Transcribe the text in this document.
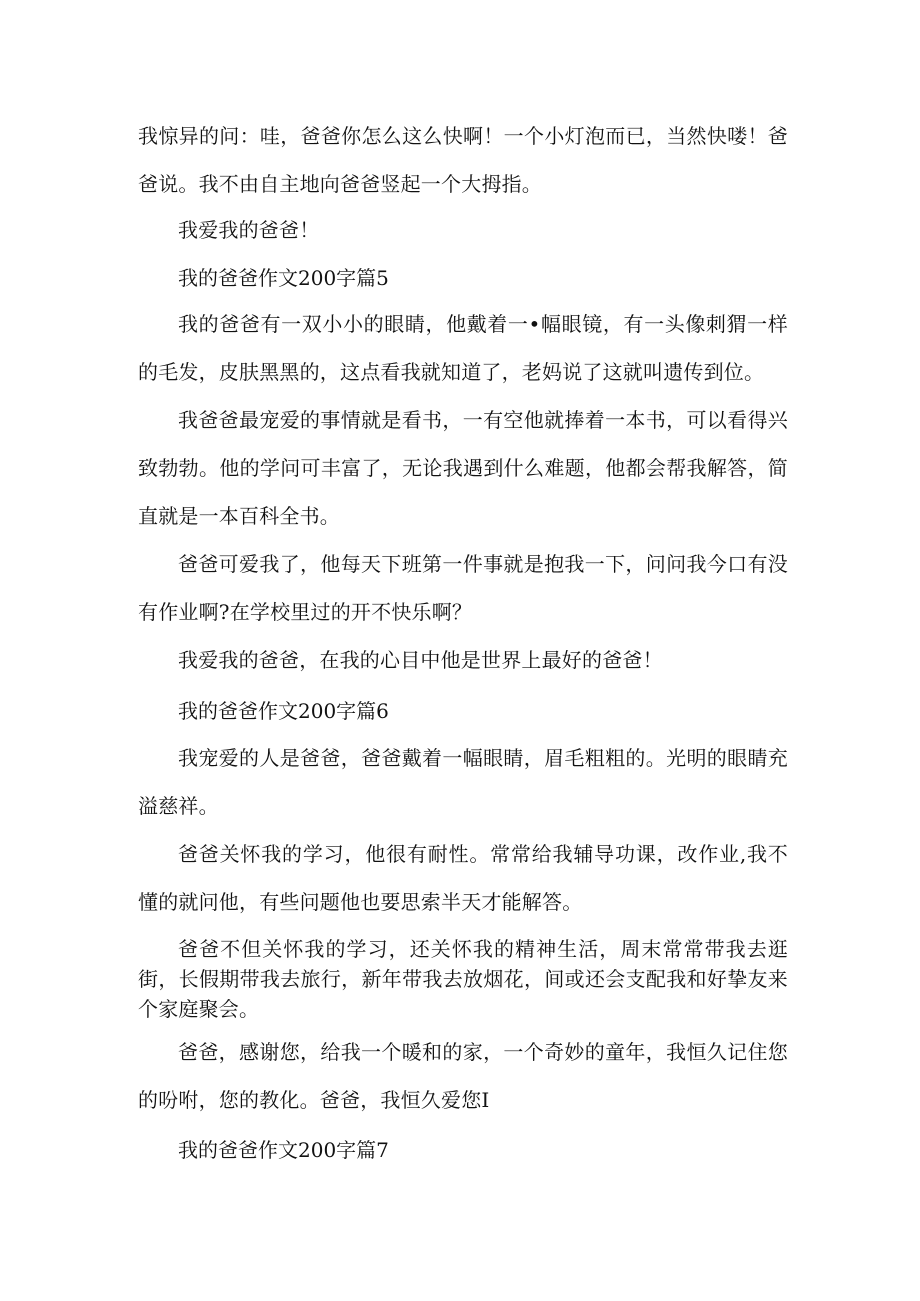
我惊异的问：哇，爸爸你怎么这么快啊！一个小灯泡而已，当然快喽！爸爸说。我不由自主地向爸爸竖起一个大拇指。

我爱我的爸爸！

我的爸爸作文200字篇5

我的爸爸有一双小小的眼睛，他戴着一•幅眼镜，有一头像刺猬一样的毛发，皮肤黑黑的，这点看我就知道了，老妈说了这就叫遗传到位。

我爸爸最宠爱的事情就是看书，一有空他就捧着一本书，可以看得兴致勃勃。他的学问可丰富了，无论我遇到什么难题，他都会帮我解答，简直就是一本百科全书。

爸爸可爱我了，他每天下班第一件事就是抱我一下，问问我今口有没有作业啊?在学校里过的开不快乐啊？

我爱我的爸爸，在我的心目中他是世界上最好的爸爸！

我的爸爸作文200字篇6

我宠爱的人是爸爸，爸爸戴着一幅眼睛，眉毛粗粗的。光明的眼睛充溢慈祥。

爸爸关怀我的学习，他很有耐性。常常给我辅导功课，改作业,我不懂的就问他，有些问题他也要思索半天才能解答。

爸爸不但关怀我的学习，还关怀我的精神生活，周末常常带我去逛街，长假期带我去旅行，新年带我去放烟花，间或还会支配我和好挚友来个家庭聚会。

爸爸，感谢您，给我一个暖和的家，一个奇妙的童年，我恒久记住您的吩咐，您的教化。爸爸，我恒久爱您I

我的爸爸作文200字篇7
